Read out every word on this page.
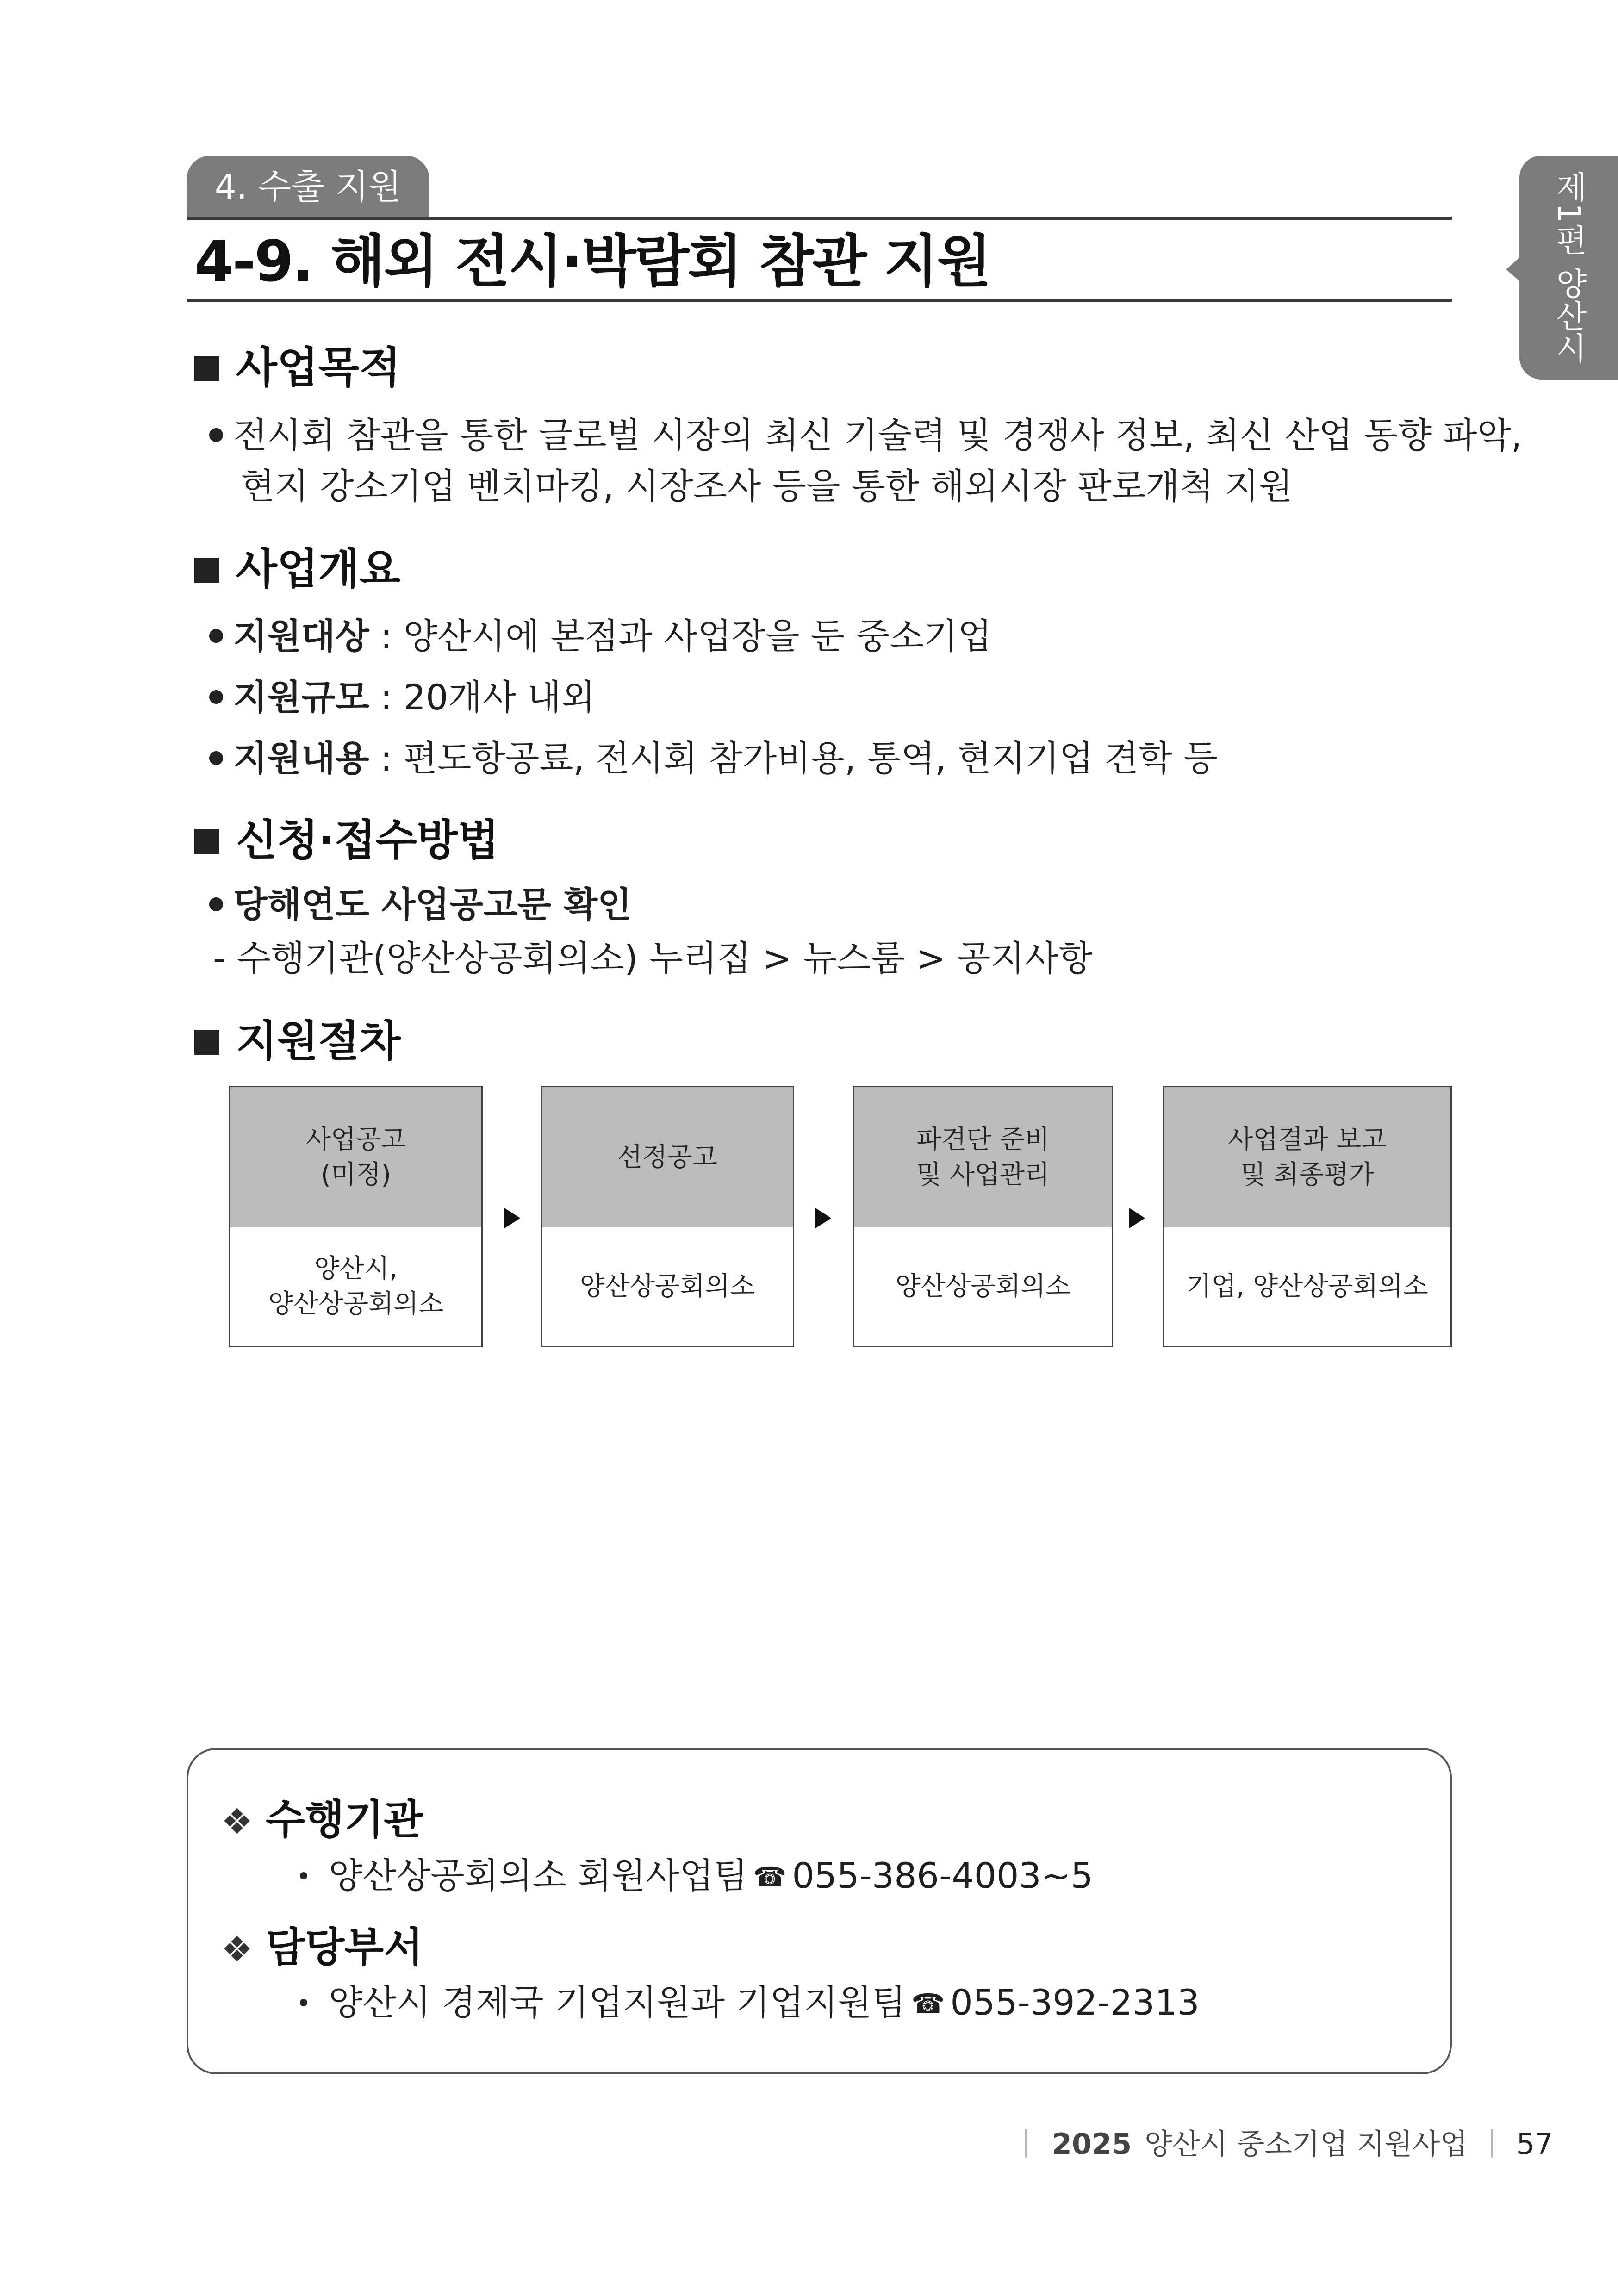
4. 수출 지원
4-9. 해외 전시·박람회 참관 지원	제1편 양산시
사업목적
전시회 참관을 통한 글로벌 시장의 최신 기술력 및 경쟁사 정보, 최신 산업 동향 파악,
현지 강소기업 벤치마킹, 시장조사 등을 통한 해외시장 판로개척 지원
사업개요
지원대상 : 양산시에 본점과 사업장을 둔 중소기업
지원규모 : 20개사 내외
지원내용 : 편도항공료, 전시회 참가비용, 통역, 현지기업 견학 등
신청·접수방법
당해연도 사업공고문 확인
- 수행기관(양산상공회의소) 누리집 > 뉴스룸 > 공지사항
지원절차
사업공고
(미정)
양산시,
양산상공회의소
선정공고
양산상공회의소
파견단 준비
및 사업관리
양산상공회의소
사업결과 보고
및 최종평가
기업, 양산상공회의소
❖ 수행기관
양산상공회의소 회원사업팀 ☎ 055-386-4003~5
❖ 담당부서
양산시 경제국 기업지원과 기업지원팀 ☎ 055-392-2313
2025 양산시 중소기업 지원사업 57
